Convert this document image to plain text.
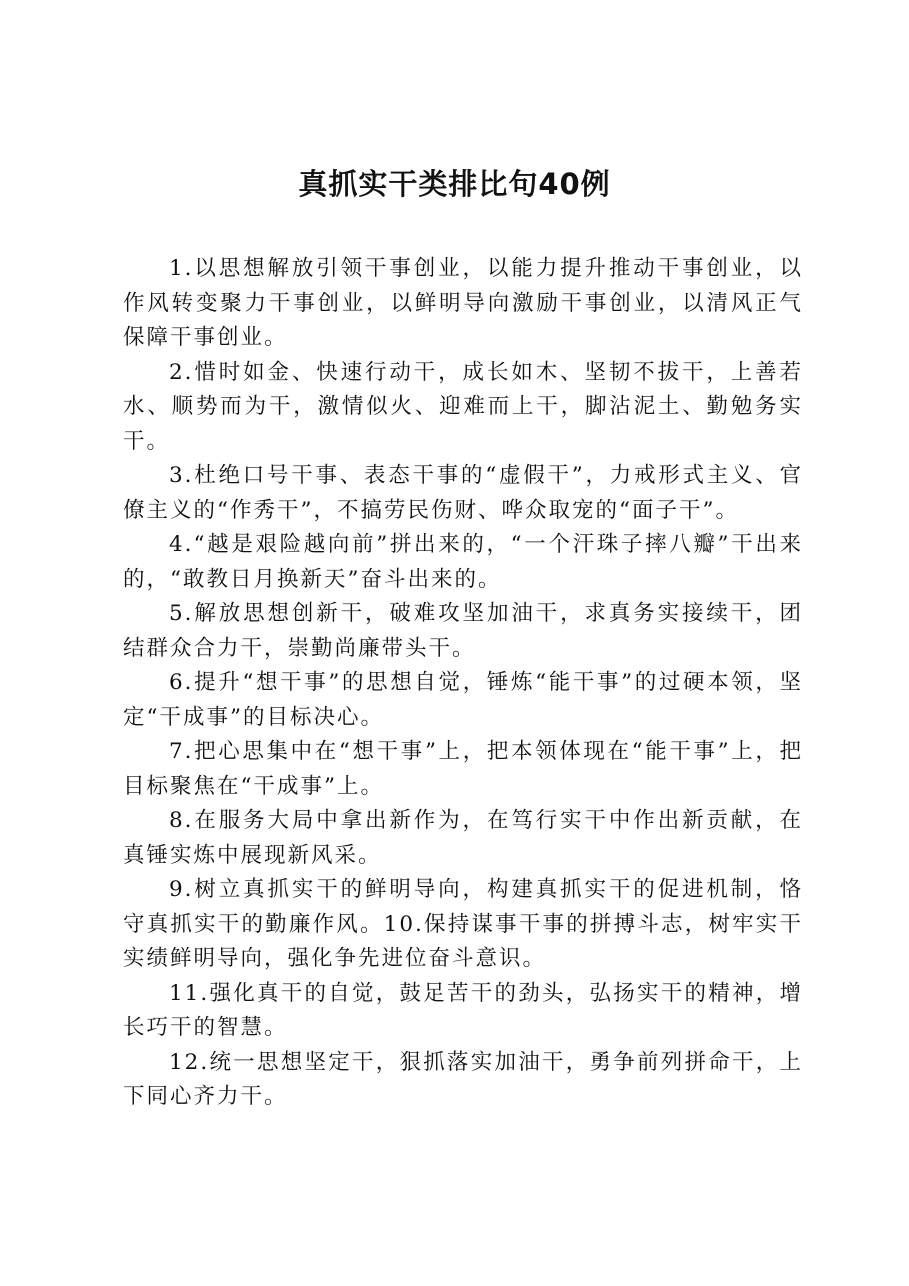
真抓实干类排比句40例

1.以思想解放引领干事创业，以能力提升推动干事创业，以作风转变聚力干事创业，以鲜明导向激励干事创业，以清风正气保障干事创业。

2.惜时如金、快速行动干，成长如木、坚韧不拔干，上善若水、顺势而为干，激情似火、迎难而上干，脚沾泥土、勤勉务实干。

3.杜绝口号干事、表态干事的“虚假干”，力戒形式主义、官僚主义的“作秀干”，不搞劳民伤财、哗众取宠的“面子干”。

4.“越是艰险越向前”拼出来的，“一个汗珠子摔八瓣”干出来的，“敢教日月换新天”奋斗出来的。

5.解放思想创新干，破难攻坚加油干，求真务实接续干，团结群众合力干，崇勤尚廉带头干。

6.提升“想干事”的思想自觉，锤炼“能干事”的过硬本领，坚定“干成事”的目标决心。

7.把心思集中在“想干事”上，把本领体现在“能干事”上，把目标聚焦在“干成事”上。

8.在服务大局中拿出新作为，在笃行实干中作出新贡献，在真锤实炼中展现新风采。

9.树立真抓实干的鲜明导向，构建真抓实干的促进机制，恪守真抓实干的勤廉作风。10.保持谋事干事的拼搏斗志，树牢实干实绩鲜明导向，强化争先进位奋斗意识。

11.强化真干的自觉，鼓足苦干的劲头，弘扬实干的精神，增长巧干的智慧。

12.统一思想坚定干，狠抓落实加油干，勇争前列拼命干，上下同心齐力干。
